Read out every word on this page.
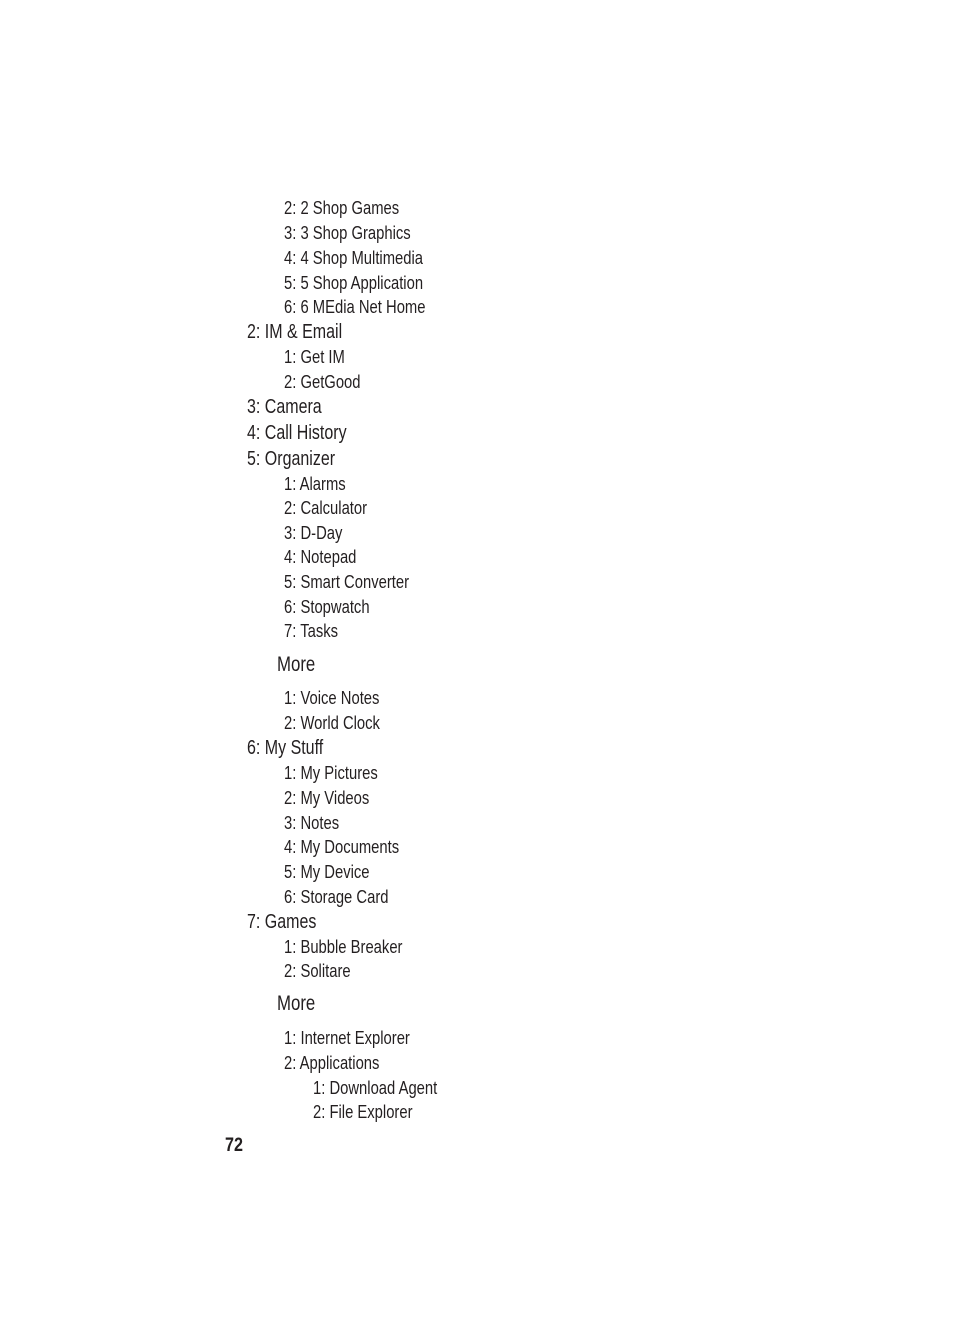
2: 2 Shop Games
3: 3 Shop Graphics
4: 4 Shop Multimedia
5: 5 Shop Application
6: 6 MEdia Net Home
2: IM & Email
1: Get IM
2: GetGood
3: Camera
4: Call History
5: Organizer
1: Alarms
2: Calculator
3: D-Day
4: Notepad
5: Smart Converter
6: Stopwatch
7: Tasks
More
1: Voice Notes
2: World Clock
6: My Stuff
1: My Pictures
2: My Videos
3: Notes
4: My Documents
5: My Device
6: Storage Card
7: Games
1: Bubble Breaker
2: Solitare
More
1: Internet Explorer
2: Applications
1: Download Agent
2: File Explorer
72
